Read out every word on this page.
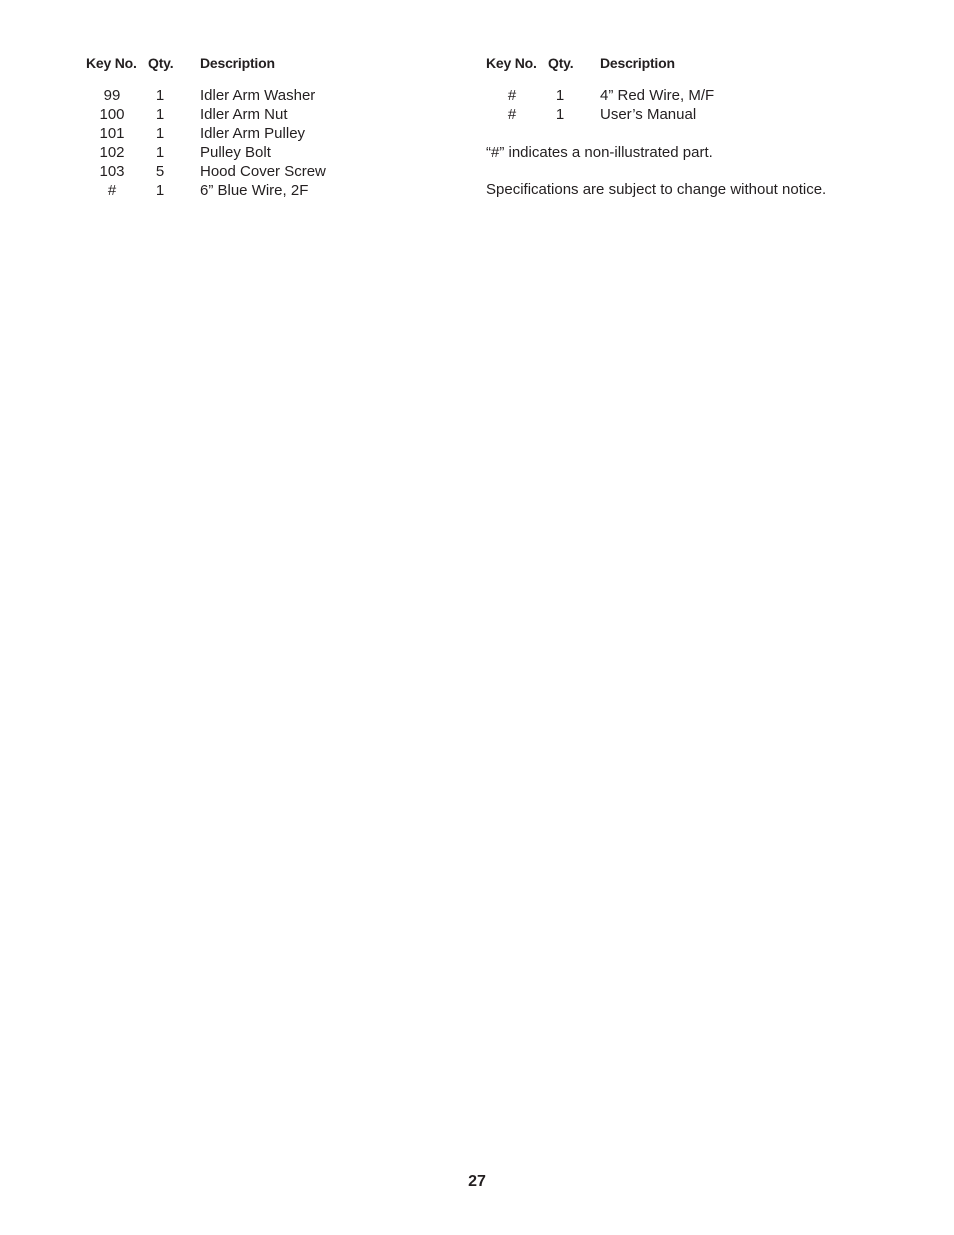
Key No. Qty. Description
99	1	Idler Arm Washer
100	1	Idler Arm Nut
101	1	Idler Arm Pulley
102	1	Pulley Bolt
103	5	Hood Cover Screw
#	1	6” Blue Wire, 2F
Key No. Qty. Description
#	1	4” Red Wire, M/F
#	1	User’s Manual
“#” indicates a non-illustrated part.
Specifications are subject to change without notice.
27
